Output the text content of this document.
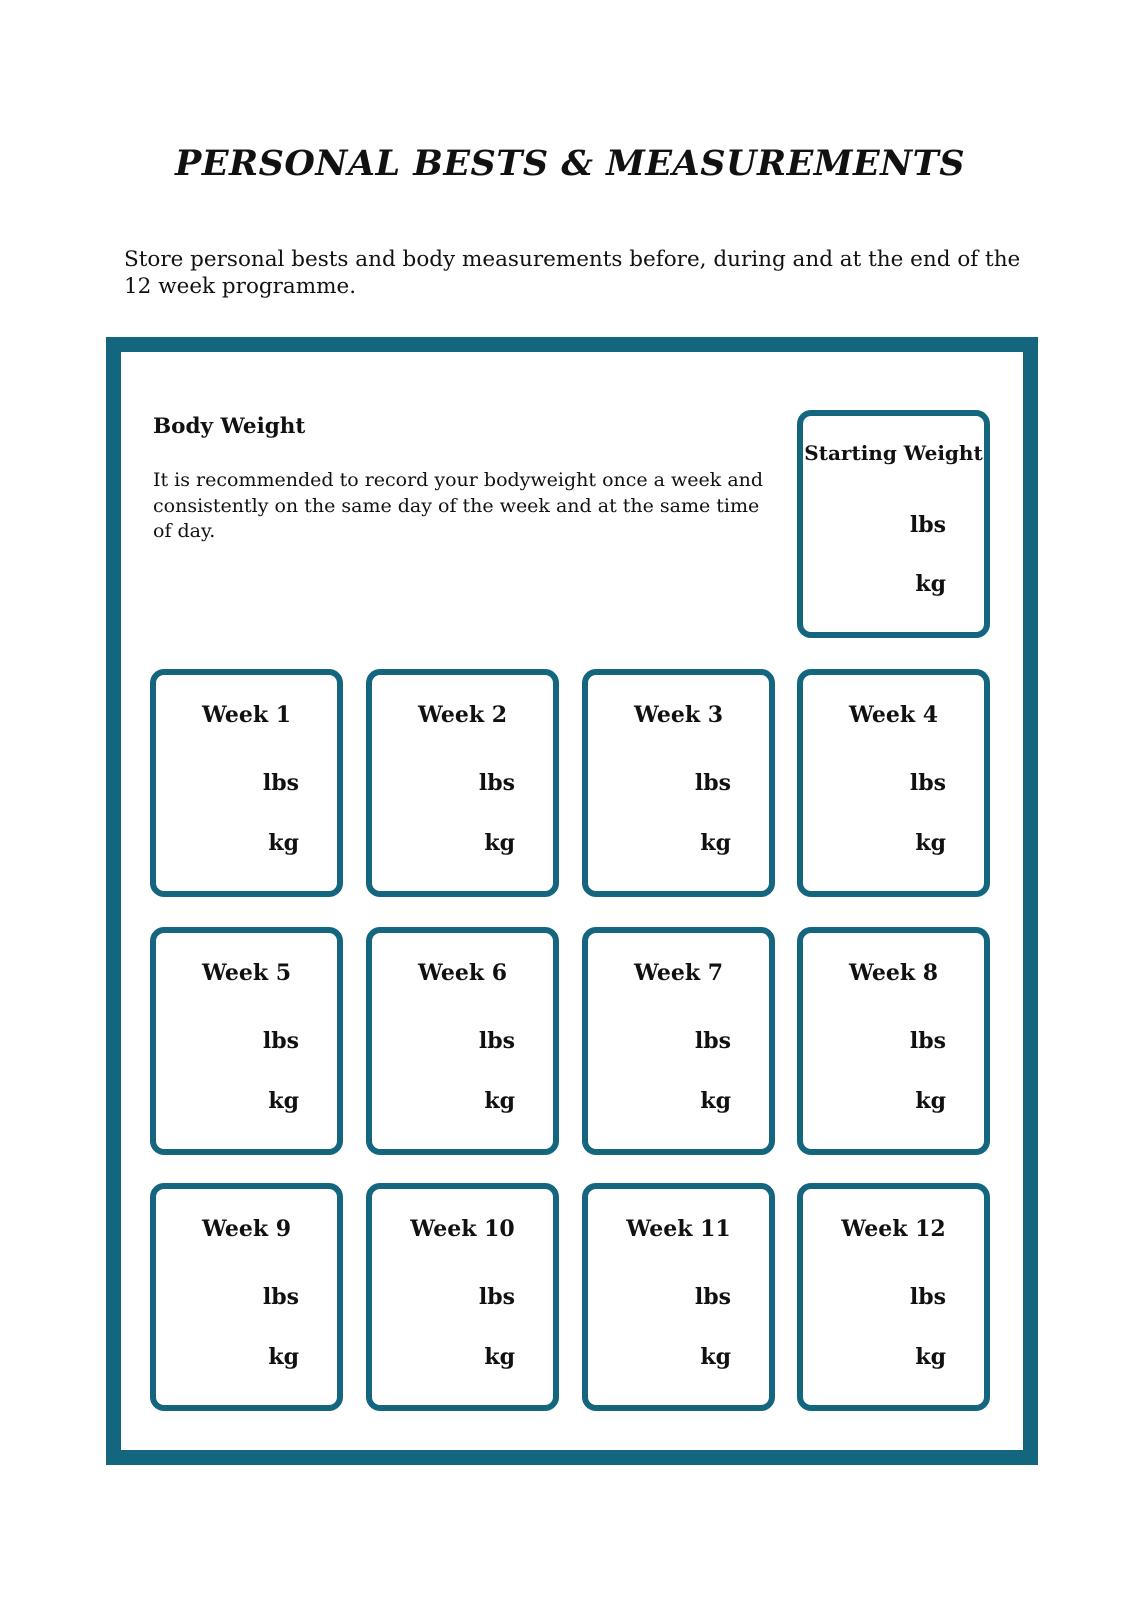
PERSONAL BESTS & MEASUREMENTS

Store personal bests and body measurements before, during and at the end of the 12 week programme.

Body Weight

It is recommended to record your bodyweight once a week and consistently on the same day of the week and at the same time of day.

Starting Weight
lbs
kg
Week 1
lbs
kg
Week 2
lbs
kg
Week 3
lbs
kg
Week 4
lbs
kg
Week 5
lbs
kg
Week 6
lbs
kg
Week 7
lbs
kg
Week 8
lbs
kg
Week 9
lbs
kg
Week 10
lbs
kg
Week 11
lbs
kg
Week 12
lbs
kg
